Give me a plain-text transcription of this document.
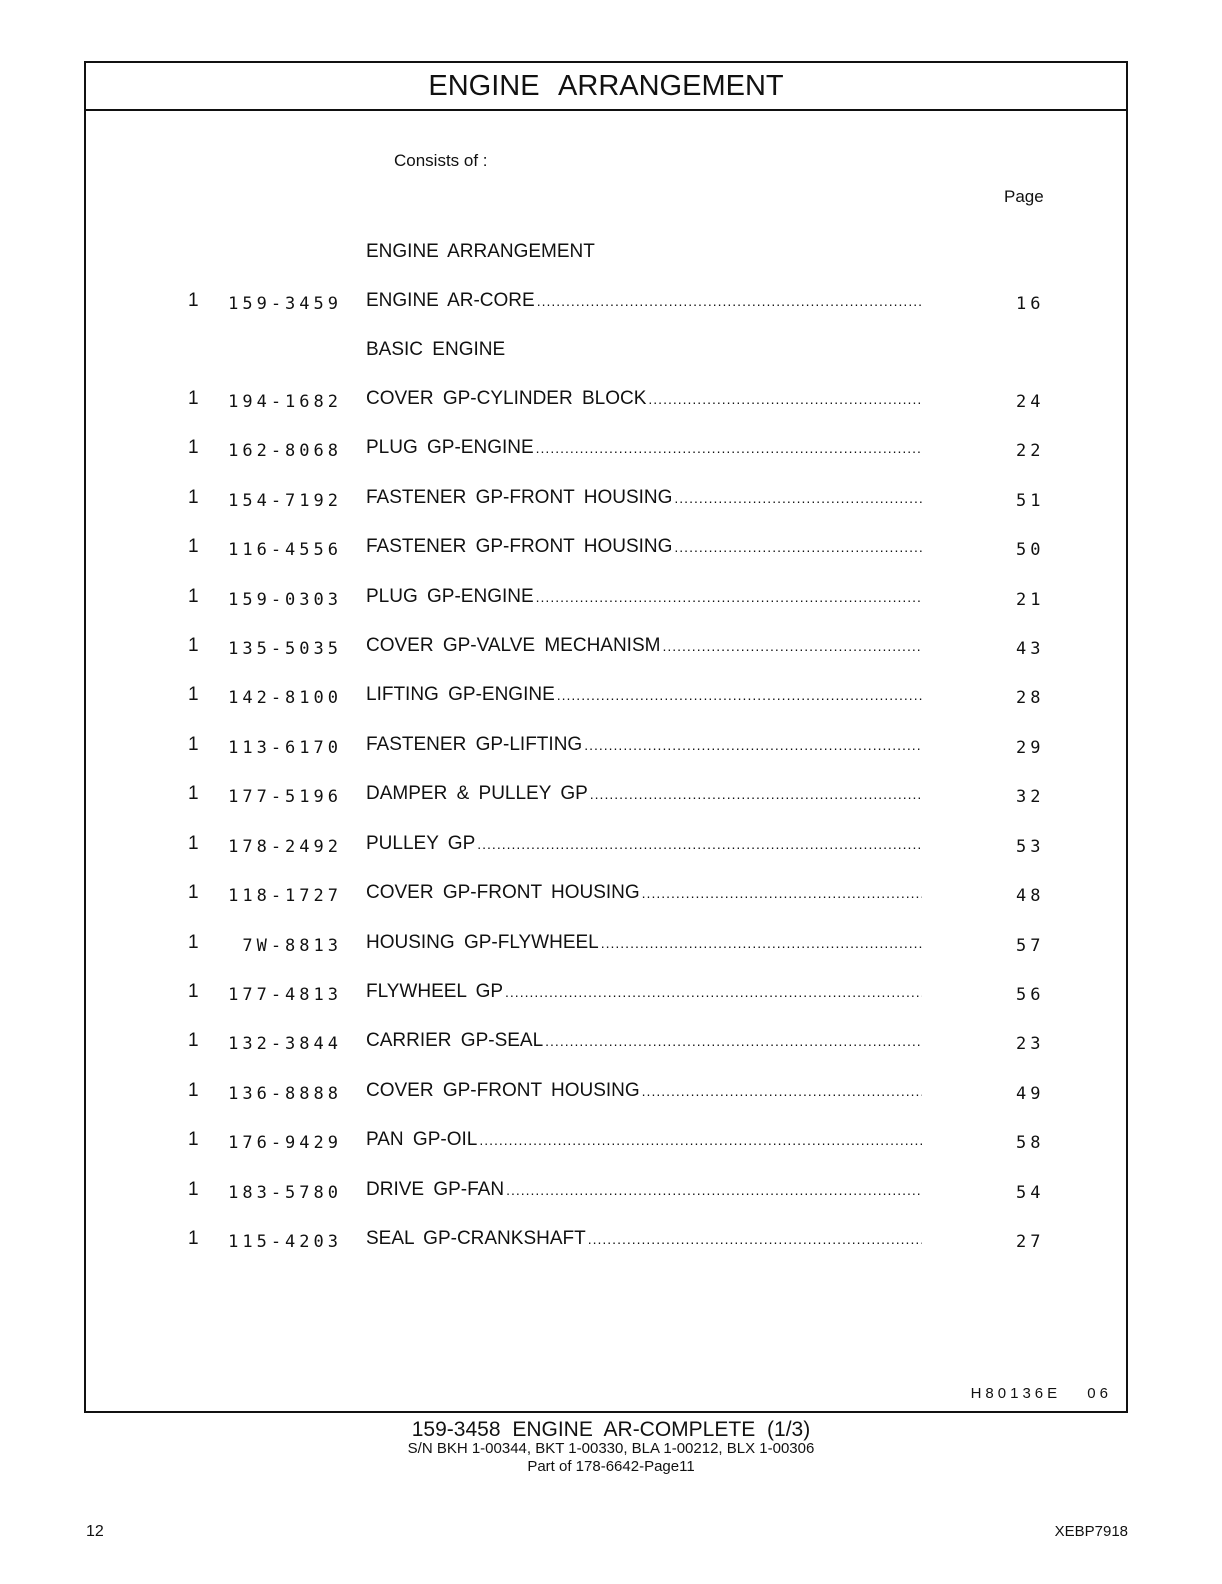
ENGINE ARRANGEMENT
Consists of :
Page
ENGINE ARRANGEMENT
1 159-3459 ENGINE AR-CORE .....	16
BASIC ENGINE
1 194-1682 COVER GP-CYLINDER BLOCK .....	24
1 162-8068 PLUG GP-ENGINE .....	22
1 154-7192 FASTENER GP-FRONT HOUSING .....	51
1 116-4556 FASTENER GP-FRONT HOUSING .....	50
1 159-0303 PLUG GP-ENGINE .....	21
1 135-5035 COVER GP-VALVE MECHANISM .....	43
1 142-8100 LIFTING GP-ENGINE .....	28
1 113-6170 FASTENER GP-LIFTING .....	29
1 177-5196 DAMPER & PULLEY GP .....	32
1 178-2492 PULLEY GP .....	53
1 118-1727 COVER GP-FRONT HOUSING .....	48
1	7W-8813 HOUSING GP-FLYWHEEL .....	57
1 177-4813 FLYWHEEL GP .....	56
1 132-3844 CARRIER GP-SEAL .....	23
1 136-8888 COVER GP-FRONT HOUSING .....	49
1 176-9429 PAN GP-OIL .....	58
1 183-5780 DRIVE GP-FAN .....	54
1 115-4203 SEAL GP-CRANKSHAFT .....	27
H80136E 06
159-3458 ENGINE AR-COMPLETE (1/3)
S/N BKH 1-00344, BKT 1-00330, BLA 1-00212, BLX 1-00306
Part of 178-6642-Page11
12	XEBP7918
